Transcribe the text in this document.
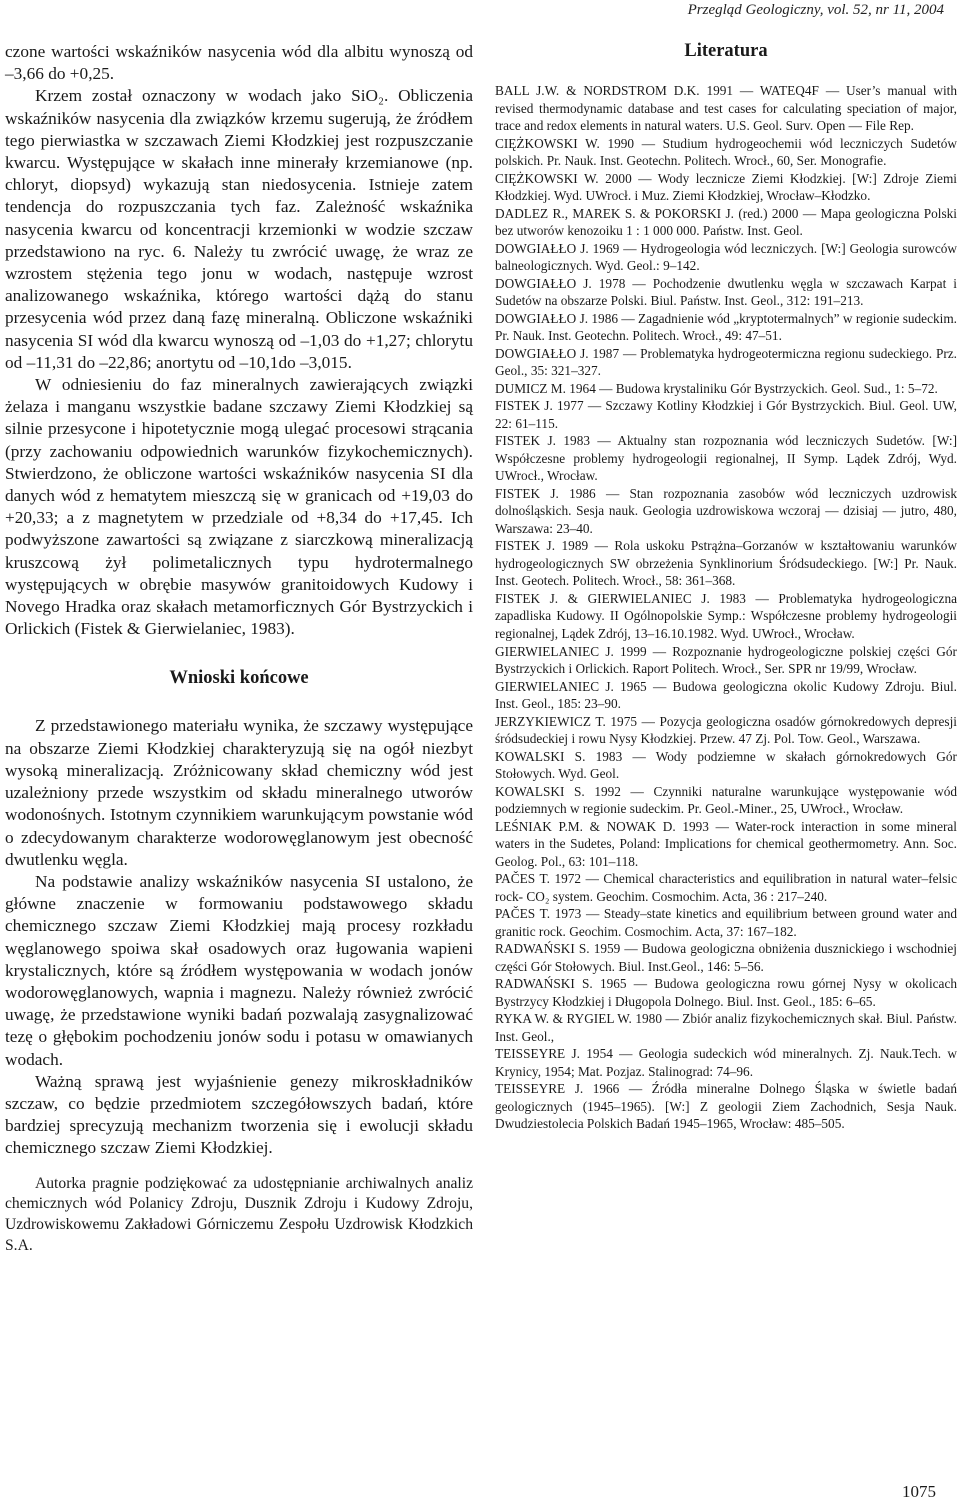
Przegląd Geologiczny, vol. 52, nr 11, 2004

czone wartości wskaźników nasycenia wód dla albitu wynoszą od –3,66 do +0,25.

Krzem został oznaczony w wodach jako SiO₂. Obliczenia wskaźników nasycenia dla związków krzemu sugerują, że źródłem tego pierwiastka w szczawach Ziemi Kłodzkiej jest rozpuszczanie kwarcu. Występujące w skałach inne minerały krzemianowe (np. chloryt, diopsyd) wykazują stan niedosycenia. Istnieje zatem tendencja do rozpuszczania tych faz. Zależność wskaźnika nasycenia kwarcu od koncentracji krzemionki w wodzie szczaw przedstawiono na ryc. 6. Należy tu zwrócić uwagę, że wraz ze wzrostem stężenia tego jonu w wodach, następuje wzrost analizowanego wskaźnika, którego wartości dążą do stanu przesycenia wód przez daną fazę mineralną. Obliczone wskaźniki nasycenia SI wód dla kwarcu wynoszą od –1,03 do +1,27; chlorytu od –11,31 do –22,86; anortytu od –10,1do –3,015.

W odniesieniu do faz mineralnych zawierających związki żelaza i manganu wszystkie badane szczawy Ziemi Kłodzkiej są silnie przesycone i hipotetycznie mogą ulegać procesowi strącania (przy zachowaniu odpowiednich warunków fizykochemicznych). Stwierdzono, że obliczone wartości wskaźników nasycenia SI dla danych wód z hematytem mieszczą się w granicach od +19,03 do +20,33; a z magnetytem w przedziale od +8,34 do +17,45. Ich podwyższone zawartości są związane z siarczkową mineralizacją kruszcową żył polimetalicznych typu hydrotermalnego występujących w obrębie masywów granitoidowych Kudowy i Novego Hradka oraz skałach metamorficznych Gór Bystrzyckich i Orlickich (Fistek & Gierwielaniec, 1983).

Wnioski końcowe

Z przedstawionego materiału wynika, że szczawy występujące na obszarze Ziemi Kłodzkiej charakteryzują się na ogół niezbyt wysoką mineralizacją. Zróżnicowany skład chemiczny wód jest uzależniony przede wszystkim od składu mineralnego utworów wodonośnych. Istotnym czynnikiem warunkującym powstanie wód o zdecydowanym charakterze wodorowęglanowym jest obecność dwutlenku węgla.

Na podstawie analizy wskaźników nasycenia SI ustalono, że główne znaczenie w formowaniu podstawowego składu chemicznego szczaw Ziemi Kłodzkiej mają procesy rozkładu węglanowego spoiwa skał osadowych oraz ługowania wapieni krystalicznych, które są źródłem występowania w wodach jonów wodorowęglanowych, wapnia i magnezu. Należy również zwrócić uwagę, że przedstawione wyniki badań pozwalają zasygnalizować tezę o głębokim pochodzeniu jonów sodu i potasu w omawianych wodach.

Ważną sprawą jest wyjaśnienie genezy mikroskładników szczaw, co będzie przedmiotem szczegółowszych badań, które bardziej sprecyzują mechanizm tworzenia się i ewolucji składu chemicznego szczaw Ziemi Kłodzkiej.

Autorka pragnie podziękować za udostępnianie archiwalnych analiz chemicznych wód Polanicy Zdroju, Dusznik Zdroju i Kudowy Zdroju, Uzdrowiskowemu Zakładowi Górniczemu Zespołu Uzdrowisk Kłodzkich S.A.

Literatura

BALL J.W. & NORDSTROM D.K. 1991 — WATEQ4F — User’s manual with revised thermodynamic database and test cases for calculating speciation of major, trace and redox elements in natural waters. U.S. Geol. Surv. Open — File Rep.

CIĘŻKOWSKI W. 1990 — Studium hydrogeochemii wód leczniczych Sudetów polskich. Pr. Nauk. Inst. Geotechn. Politech. Wrocł., 60, Ser. Monografie.

CIĘŻKOWSKI W. 2000 — Wody lecznicze Ziemi Kłodzkiej. [W:] Zdroje Ziemi Kłodzkiej. Wyd. UWrocł. i Muz. Ziemi Kłodzkiej, Wrocław–Kłodzko.

DADLEZ R., MAREK S. & POKORSKI J. (red.) 2000 — Mapa geologiczna Polski bez utworów kenozoiku 1 : 1 000 000. Państw. Inst. Geol.

DOWGIAŁŁO J. 1969 — Hydrogeologia wód leczniczych. [W:] Geologia surowców balneologicznych. Wyd. Geol.: 9–142.

DOWGIAŁŁO J. 1978 — Pochodzenie dwutlenku węgla w szczawach Karpat i Sudetów na obszarze Polski. Biul. Państw. Inst. Geol., 312: 191–213.

DOWGIAŁŁO J. 1986 — Zagadnienie wód „kryptotermalnych” w regionie sudeckim. Pr. Nauk. Inst. Geotechn. Politech. Wrocł., 49: 47–51.

DOWGIAŁŁO J. 1987 — Problematyka hydrogeotermiczna regionu sudeckiego. Prz. Geol., 35: 321–327.

DUMICZ M. 1964 — Budowa krystaliniku Gór Bystrzyckich. Geol. Sud., 1: 5–72.

FISTEK J. 1977 — Szczawy Kotliny Kłodzkiej i Gór Bystrzyckich. Biul. Geol. UW, 22: 61–115.

FISTEK J. 1983 — Aktualny stan rozpoznania wód leczniczych Sudetów. [W:] Współczesne problemy hydrogeologii regionalnej, II Symp. Lądek Zdrój, Wyd. UWrocł., Wrocław.

FISTEK J. 1986 — Stan rozpoznania zasobów wód leczniczych uzdrowisk dolnośląskich. Sesja nauk. Geologia uzdrowiskowa wczoraj — dzisiaj — jutro, 480, Warszawa: 23–40.

FISTEK J. 1989 — Rola uskoku Pstrążna–Gorzanów w kształtowaniu warunków hydrogeologicznych SW obrzeżenia Synklinorium Śródsudeckiego. [W:] Pr. Nauk. Inst. Geotech. Politech. Wrocł., 58: 361–368.

FISTEK J. & GIERWIELANIEC J. 1983 — Problematyka hydrogeologiczna zapadliska Kudowy. II Ogólnopolskie Symp.: Współczesne problemy hydrogeologii regionalnej, Lądek Zdrój, 13–16.10.1982. Wyd. UWrocł., Wrocław.

GIERWIELANIEC J. 1999 — Rozpoznanie hydrogeologiczne polskiej części Gór Bystrzyckich i Orlickich. Raport Politech. Wrocł., Ser. SPR nr 19/99, Wrocław.

GIERWIELANIEC J. 1965 — Budowa geologiczna okolic Kudowy Zdroju. Biul. Inst. Geol., 185: 23–90.

JERZYKIEWICZ T. 1975 — Pozycja geologiczna osadów górnokredowych depresji śródsudeckiej i rowu Nysy Kłodzkiej. Przew. 47 Zj. Pol. Tow. Geol., Warszawa.

KOWALSKI S. 1983 — Wody podziemne w skałach górnokredowych Gór Stołowych. Wyd. Geol.

KOWALSKI S. 1992 — Czynniki naturalne warunkujące występowanie wód podziemnych w regionie sudeckim. Pr. Geol.-Miner., 25, UWrocł., Wrocław.

LEŚNIAK P.M. & NOWAK D. 1993 — Water-rock interaction in some mineral waters in the Sudetes, Poland: Implications for chemical geothermometry. Ann. Soc. Geolog. Pol., 63: 101–118.

PAČES T. 1972 — Chemical characteristics and equilibration in natural water–felsic rock- CO₂ system. Geochim. Cosmochim. Acta, 36 : 217–240.

PAČES T. 1973 — Steady–state kinetics and equilibrium between ground water and granitic rock. Geochim. Cosmochim. Acta, 37: 167–182.

RADWAŃSKI S. 1959 — Budowa geologiczna obniżenia dusznickiego i wschodniej części Gór Stołowych. Biul. Inst.Geol., 146: 5–56.

RADWAŃSKI S. 1965 — Budowa geologiczna rowu górnej Nysy w okolicach Bystrzycy Kłodzkiej i Długopola Dolnego. Biul. Inst. Geol., 185: 6–65.

RYKA W. & RYGIEL W. 1980 — Zbiór analiz fizykochemicznych skał. Biul. Państw. Inst. Geol.,

TEISSEYRE J. 1954 — Geologia sudeckich wód mineralnych. Zj. Nauk.Tech. w Krynicy, 1954; Mat. Pozjaz. Stalinograd: 74–96.

TEISSEYRE J. 1966 — Źródła mineralne Dolnego Śląska w świetle badań geologicznych (1945–1965). [W:] Z geologii Ziem Zachodnich, Sesja Nauk. Dwudziestolecia Polskich Badań 1945–1965, Wrocław: 485–505.

1075
